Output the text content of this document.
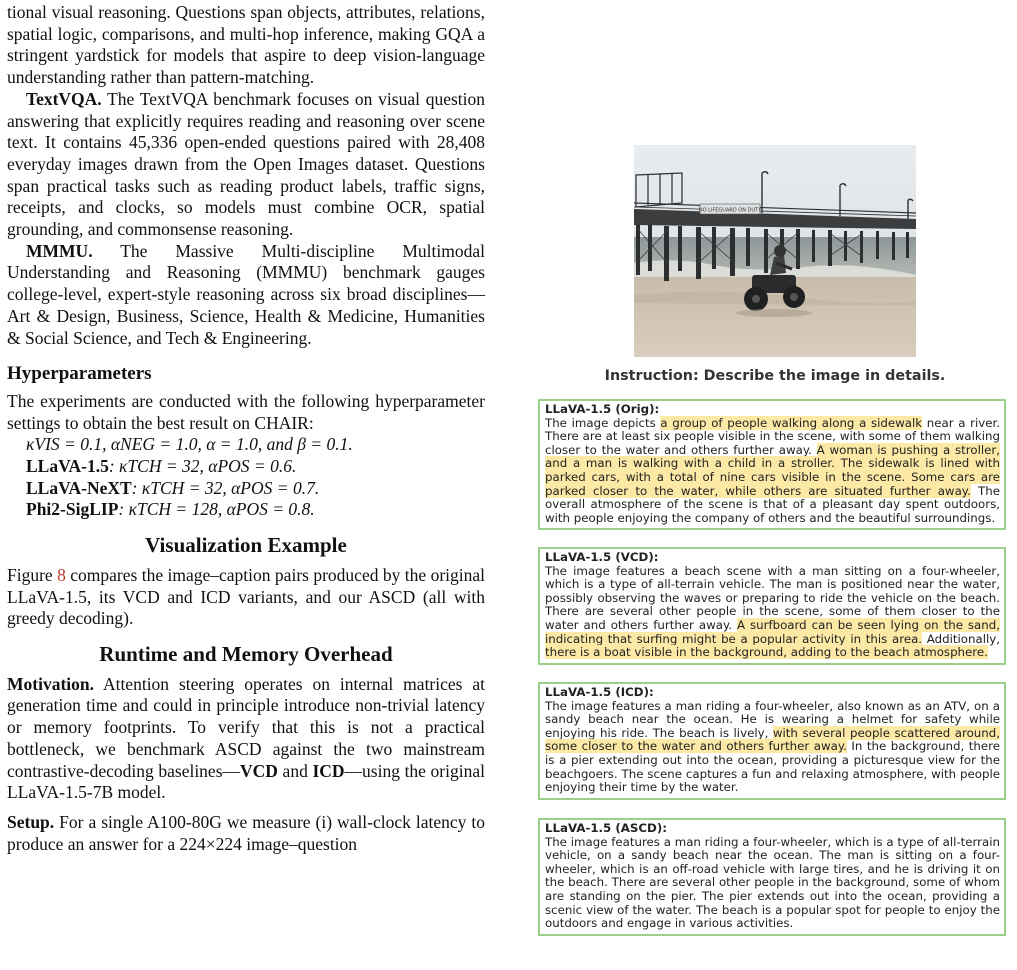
tional visual reasoning. Questions span objects, attributes, relations, spatial logic, comparisons, and multi-hop inference, making GQA a stringent yardstick for models that aspire to deep vision-language understanding rather than pattern-matching.

TextVQA. The TextVQA benchmark focuses on visual question answering that explicitly requires reading and reasoning over scene text. It contains 45,336 open-ended questions paired with 28,408 everyday images drawn from the Open Images dataset. Questions span practical tasks such as reading product labels, traffic signs, receipts, and clocks, so models must combine OCR, spatial grounding, and commonsense reasoning.

MMMU. The Massive Multi-discipline Multimodal Understanding and Reasoning (MMMU) benchmark gauges college-level, expert-style reasoning across six broad disciplines—Art & Design, Business, Science, Health & Medicine, Humanities & Social Science, and Tech & Engineering.

Hyperparameters

The experiments are conducted with the following hyperparameter settings to obtain the best result on CHAIR:

κVIS = 0.1, αNEG = 1.0, α = 1.0, and β = 0.1.

LLaVA-1.5: κTCH = 32, αPOS = 0.6.

LLaVA-NeXT: κTCH = 32, αPOS = 0.7.

Phi2-SigLIP: κTCH = 128, αPOS = 0.8.

Visualization Example

Figure 8 compares the image–caption pairs produced by the original LLaVA-1.5, its VCD and ICD variants, and our ASCD (all with greedy decoding).

Runtime and Memory Overhead

Motivation. Attention steering operates on internal matrices at generation time and could in principle introduce non-trivial latency or memory footprints. To verify that this is not a practical bottleneck, we benchmark ASCD against the two mainstream contrastive-decoding baselines—VCD and ICD—using the original LLaVA-1.5-7B model.

Setup. For a single A100-80G we measure (i) wall-clock latency to produce an answer for a 224×224 image–question

NO LIFEGUARD ON DUTY
Instruction: Describe the image in details.
LLaVA-1.5 (Orig):
The image depicts a group of people walking along a sidewalk near a river. There are at least six people visible in the scene, with some of them walking closer to the water and others further away. A woman is pushing a stroller, and a man is walking with a child in a stroller. The sidewalk is lined with parked cars, with a total of nine cars visible in the scene. Some cars are parked closer to the water, while others are situated further away. The overall atmosphere of the scene is that of a pleasant day spent outdoors, with people enjoying the company of others and the beautiful surroundings.
LLaVA-1.5 (VCD):
The image features a beach scene with a man sitting on a four-wheeler, which is a type of all-terrain vehicle. The man is positioned near the water, possibly observing the waves or preparing to ride the vehicle on the beach. There are several other people in the scene, some of them closer to the water and others further away. A surfboard can be seen lying on the sand, indicating that surfing might be a popular activity in this area. Additionally, there is a boat visible in the background, adding to the beach atmosphere.
LLaVA-1.5 (ICD):
The image features a man riding a four-wheeler, also known as an ATV, on a sandy beach near the ocean. He is wearing a helmet for safety while enjoying his ride. The beach is lively, with several people scattered around, some closer to the water and others further away. In the background, there is a pier extending out into the ocean, providing a picturesque view for the beachgoers. The scene captures a fun and relaxing atmosphere, with people enjoying their time by the water.
LLaVA-1.5 (ASCD):
The image features a man riding a four-wheeler, which is a type of all-terrain vehicle, on a sandy beach near the ocean. The man is sitting on a four-wheeler, which is an off-road vehicle with large tires, and he is driving it on the beach. There are several other people in the background, some of whom are standing on the pier. The pier extends out into the ocean, providing a scenic view of the water. The beach is a popular spot for people to enjoy the outdoors and engage in various activities.
